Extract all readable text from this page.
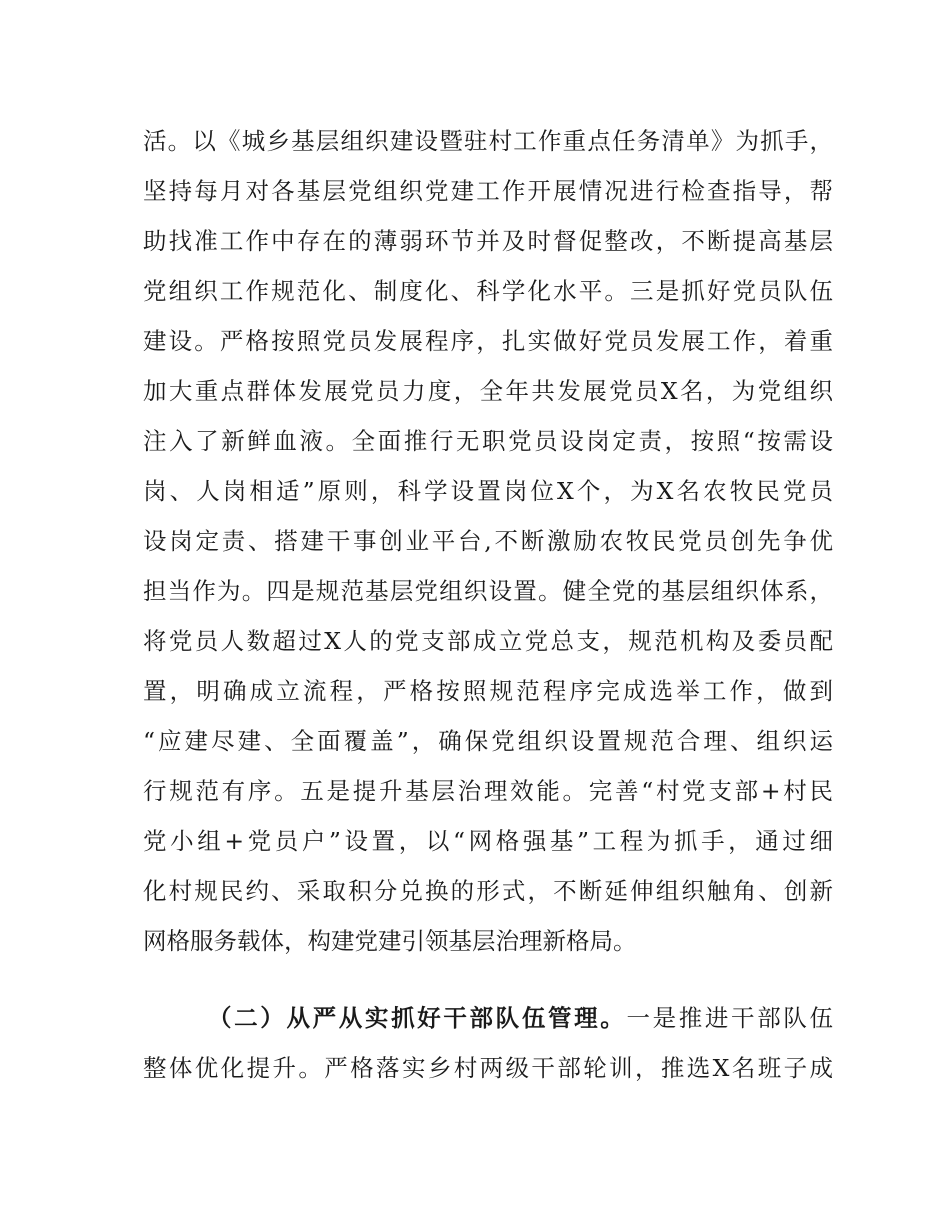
活。以《城乡基层组织建设暨驻村工作重点任务清单》为抓手，

坚持每月对各基层党组织党建工作开展情况进行检查指导，帮

助找准工作中存在的薄弱环节并及时督促整改，不断提高基层

党组织工作规范化、制度化、科学化水平。三是抓好党员队伍

建设。严格按照党员发展程序，扎实做好党员发展工作，着重

加大重点群体发展党员力度，全年共发展党员X名，为党组织

注入了新鲜血液。全面推行无职党员设岗定责，按照“按需设

岗、人岗相适”原则，科学设置岗位X个，为X名农牧民党员

设岗定责、搭建干事创业平台,不断激励农牧民党员创先争优

担当作为。四是规范基层党组织设置。健全党的基层组织体系，

将党员人数超过X人的党支部成立党总支，规范机构及委员配

置，明确成立流程，严格按照规范程序完成选举工作，做到

“应建尽建、全面覆盖”，确保党组织设置规范合理、组织运

行规范有序。五是提升基层治理效能。完善“村党支部+村民

党小组+党员户”设置，以“网格强基”工程为抓手，通过细

化村规民约、采取积分兑换的形式，不断延伸组织触角、创新

网格服务载体，构建党建引领基层治理新格局。

（二）从严从实抓好干部队伍管理。一是推进干部队伍

整体优化提升。严格落实乡村两级干部轮训，推选X名班子成
